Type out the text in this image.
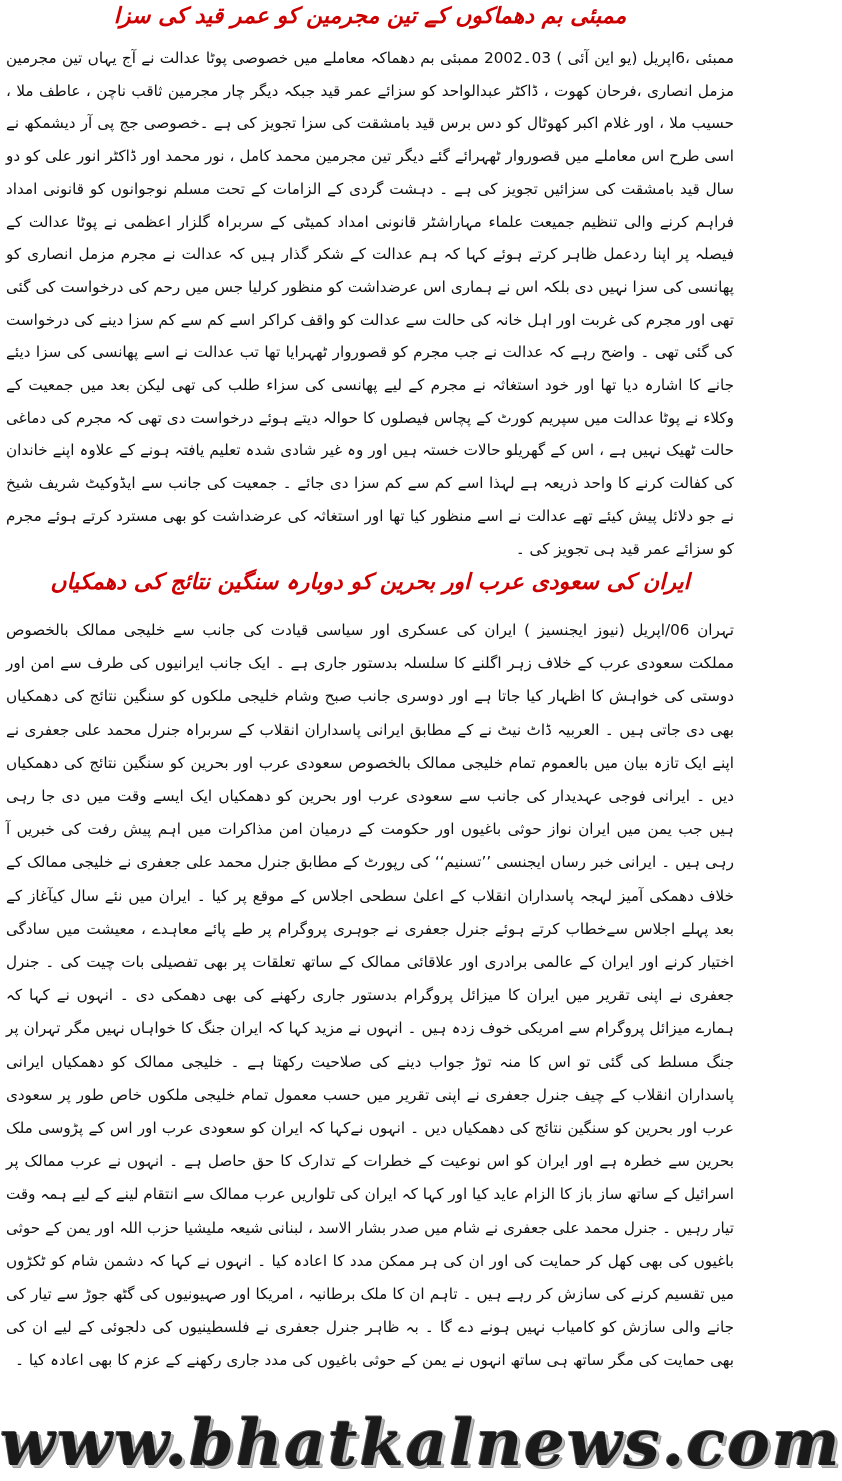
ممبئی بم دھماکوں کے تین مجرمین کو عمر قید کی سزا

ممبئی ،6اپریل (یو این آئی ) 03۔2002 ممبئی بم دھماکہ معاملے میں خصوصی پوٹا عدالت نے آج یہاں تین مجرمین مزمل انصاری ،فرحان کھوت ، ڈاکٹر عبدالواحد کو سزائے عمر قید جبکہ دیگر چار مجرمین ثاقب ناچن ، عاطف ملا ، حسیب ملا ، اور غلام اکبر کھوٹال کو دس برس قید بامشقت کی سزا تجویز کی ہے ۔خصوصی جج پی آر دیشمکھ نے اسی طرح اس معاملے میں قصوروار ٹھہرائے گئے دیگر تین مجرمین محمد کامل ، نور محمد اور ڈاکٹر انور علی کو دو سال قید بامشقت کی سزائیں تجویز کی ہے ۔ دہشت گردی کے الزامات کے تحت مسلم نوجوانوں کو قانونی امداد فراہم کرنے والی تنظیم جمیعت علماء مہاراشٹر قانونی امداد کمیٹی کے سربراہ گلزار اعظمی نے پوٹا عدالت کے فیصلہ پر اپنا ردعمل ظاہر کرتے ہوئے کہا کہ ہم عدالت کے شکر گذار ہیں کہ عدالت نے مجرم مزمل انصاری کو پھانسی کی سزا نہیں دی بلکہ اس نے ہماری اس عرضداشت کو منظور کرلیا جس میں رحم کی درخواست کی گئی تھی اور مجرم کی غربت اور اہل خانہ کی حالت سے عدالت کو واقف کراکر اسے کم سے کم سزا دینے کی درخواست کی گئی تھی ۔ واضح رہے کہ عدالت نے جب مجرم کو قصوروار ٹھہرایا تھا تب عدالت نے اسے پھانسی کی سزا دیئے جانے کا اشارہ دیا تھا اور خود استغاثہ نے مجرم کے لیے پھانسی کی سزاء طلب کی تھی لیکن بعد میں جمعیت کے وکلاء نے پوٹا عدالت میں سپریم کورٹ کے پچاس فیصلوں کا حوالہ دیتے ہوئے درخواست دی تھی کہ مجرم کی دماغی حالت ٹھیک نہیں ہے ، اس کے گھریلو حالات خستہ ہیں اور وہ غیر شادی شدہ تعلیم یافتہ ہونے کے علاوہ اپنے خاندان کی کفالت کرنے کا واحد ذریعہ ہے لہذا اسے کم سے کم سزا دی جائے ۔ جمعیت کی جانب سے ایڈوکیٹ شریف شیخ نے جو دلائل پیش کیئے تھے عدالت نے اسے منظور کیا تھا اور استغاثہ کی عرضداشت کو بھی مسترد کرتے ہوئے مجرم کو سزائے عمر قید ہی تجویز کی ۔

ایران کی سعودی عرب اور بحرین کو دوبارہ سنگین نتائج کی دھمکیاں

تہران 06/اپریل (نیوز ایجنسیز ) ایران کی عسکری اور سیاسی قیادت کی جانب سے خلیجی ممالک بالخصوص مملکت سعودی عرب کے خلاف زہر اگلنے کا سلسلہ بدستور جاری ہے ۔ ایک جانب ایرانیوں کی طرف سے امن اور دوستی کی خواہش کا اظہار کیا جاتا ہے اور دوسری جانب صبح وشام خلیجی ملکوں کو سنگین نتائج کی دھمکیاں بھی دی جاتی ہیں ۔ العربیہ ڈاٹ نیٹ نے کے مطابق ایرانی پاسداران انقلاب کے سربراہ جنرل محمد علی جعفری نے اپنے ایک تازہ بیان میں بالعموم تمام خلیجی ممالک بالخصوص سعودی عرب اور بحرین کو سنگین نتائج کی دھمکیاں دیں ۔ ایرانی فوجی عہدیدار کی جانب سے سعودی عرب اور بحرین کو دھمکیاں ایک ایسے وقت میں دی جا رہی ہیں جب یمن میں ایران نواز حوثی باغیوں اور حکومت کے درمیان امن مذاکرات میں اہم پیش رفت کی خبریں آ رہی ہیں ۔ ایرانی خبر رساں ایجنسی ’’تسنیم‘‘ کی رپورٹ کے مطابق جنرل محمد علی جعفری نے خلیجی ممالک کے خلاف دھمکی آمیز لہجہ پاسداران انقلاب کے اعلیٰ سطحی اجلاس کے موقع پر کیا ۔ ایران میں نئے سال کیآغاز کے بعد پہلے اجلاس سےخطاب کرتے ہوئے جنرل جعفری نے جوہری پروگرام پر طے پائے معاہدے ، معیشت میں سادگی اختیار کرنے اور ایران کے عالمی برادری اور علاقائی ممالک کے ساتھ تعلقات پر بھی تفصیلی بات چیت کی ۔ جنرل جعفری نے اپنی تقریر میں ایران کا میزائل پروگرام بدستور جاری رکھنے کی بھی دھمکی دی ۔ انہوں نے کہا کہ ہمارے میزائل پروگرام سے امریکی خوف زدہ ہیں ۔ انہوں نے مزید کہا کہ ایران جنگ کا خواہاں نہیں مگر تہران پر جنگ مسلط کی گئی تو اس کا منہ توڑ جواب دینے کی صلاحیت رکھتا ہے ۔ خلیجی ممالک کو دھمکیاں ایرانی پاسداران انقلاب کے چیف جنرل جعفری نے اپنی تقریر میں حسب معمول تمام خلیجی ملکوں خاص طور پر سعودی عرب اور بحرین کو سنگین نتائج کی دھمکیاں دیں ۔ انہوں نےکہا کہ ایران کو سعودی عرب اور اس کے پڑوسی ملک بحرین سے خطرہ ہے اور ایران کو اس نوعیت کے خطرات کے تدارک کا حق حاصل ہے ۔ انہوں نے عرب ممالک پر اسرائیل کے ساتھ ساز باز کا الزام عاید کیا اور کہا کہ ایران کی تلواریں عرب ممالک سے انتقام لینے کے لیے ہمہ وقت تیار رہیں ۔ جنرل محمد علی جعفری نے شام میں صدر بشار الاسد ، لبنانی شیعہ ملیشیا حزب اللہ اور یمن کے حوثی باغیوں کی بھی کھل کر حمایت کی اور ان کی ہر ممکن مدد کا اعادہ کیا ۔ انہوں نے کہا کہ دشمن شام کو ٹکڑوں میں تقسیم کرنے کی سازش کر رہے ہیں ۔ تاہم ان کا ملک برطانیہ ، امریکا اور صہیونیوں کی گٹھ جوڑ سے تیار کی جانے والی سازش کو کامیاب نہیں ہونے دے گا ۔ بہ ظاہر جنرل جعفری نے فلسطینیوں کی دلجوئی کے لیے ان کی بھی حمایت کی مگر ساتھ ہی ساتھ انہوں نے یمن کے حوثی باغیوں کی مدد جاری رکھنے کے عزم کا بھی اعادہ کیا ۔

www.bhatkalnews.com
